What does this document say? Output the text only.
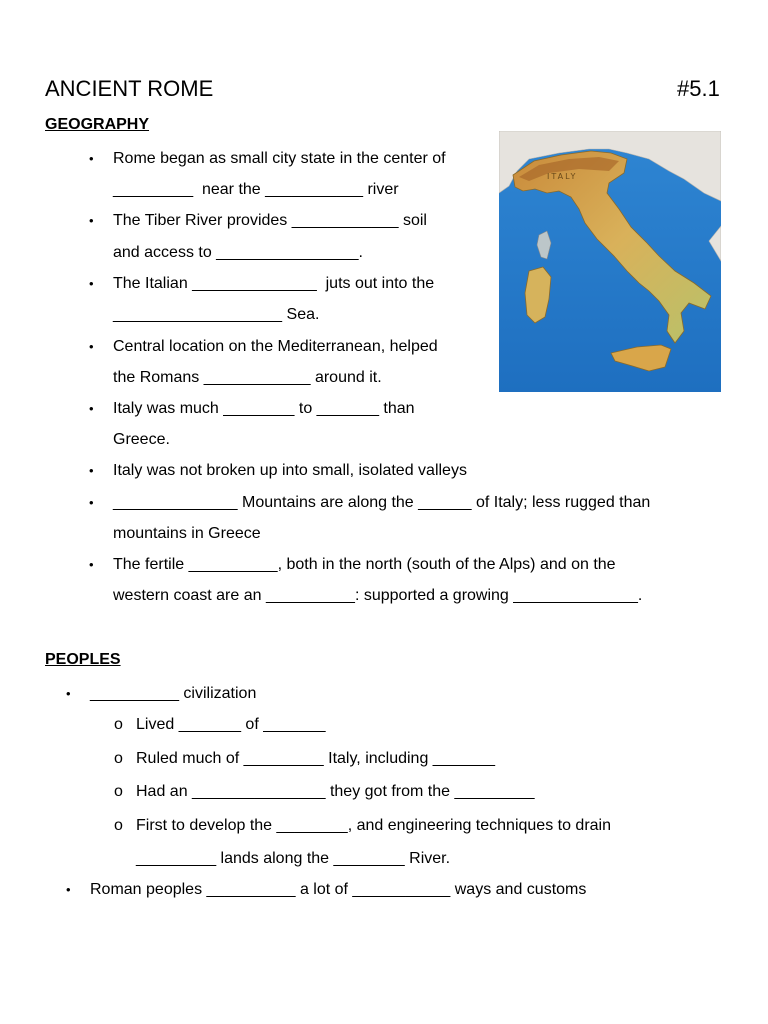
ANCIENT ROME	#5.1
GEOGRAPHY
• Rome began as small city state in the center of
_________  near the ___________ river
• The Tiber River provides ____________ soil
and access to ________________.
• The Italian ______________  juts out into the
___________________ Sea.
• Central location on the Mediterranean, helped
the Romans ____________ around it.
• Italy was much ________ to _______ than
Greece.
• Italy was not broken up into small, isolated valleys
• ______________ Mountains are along the ______ of Italy; less rugged than
mountains in Greece
• The fertile __________, both in the north (south of the Alps) and on the
western coast are an __________: supported a growing ______________.
ITALY
PEOPLES
• __________ civilization
o Lived _______ of _______
o Ruled much of _________ Italy, including _______
o Had an _______________ they got from the _________
o First to develop the ________, and engineering techniques to drain
_________ lands along the ________ River.
• Roman peoples __________ a lot of ___________ ways and customs
